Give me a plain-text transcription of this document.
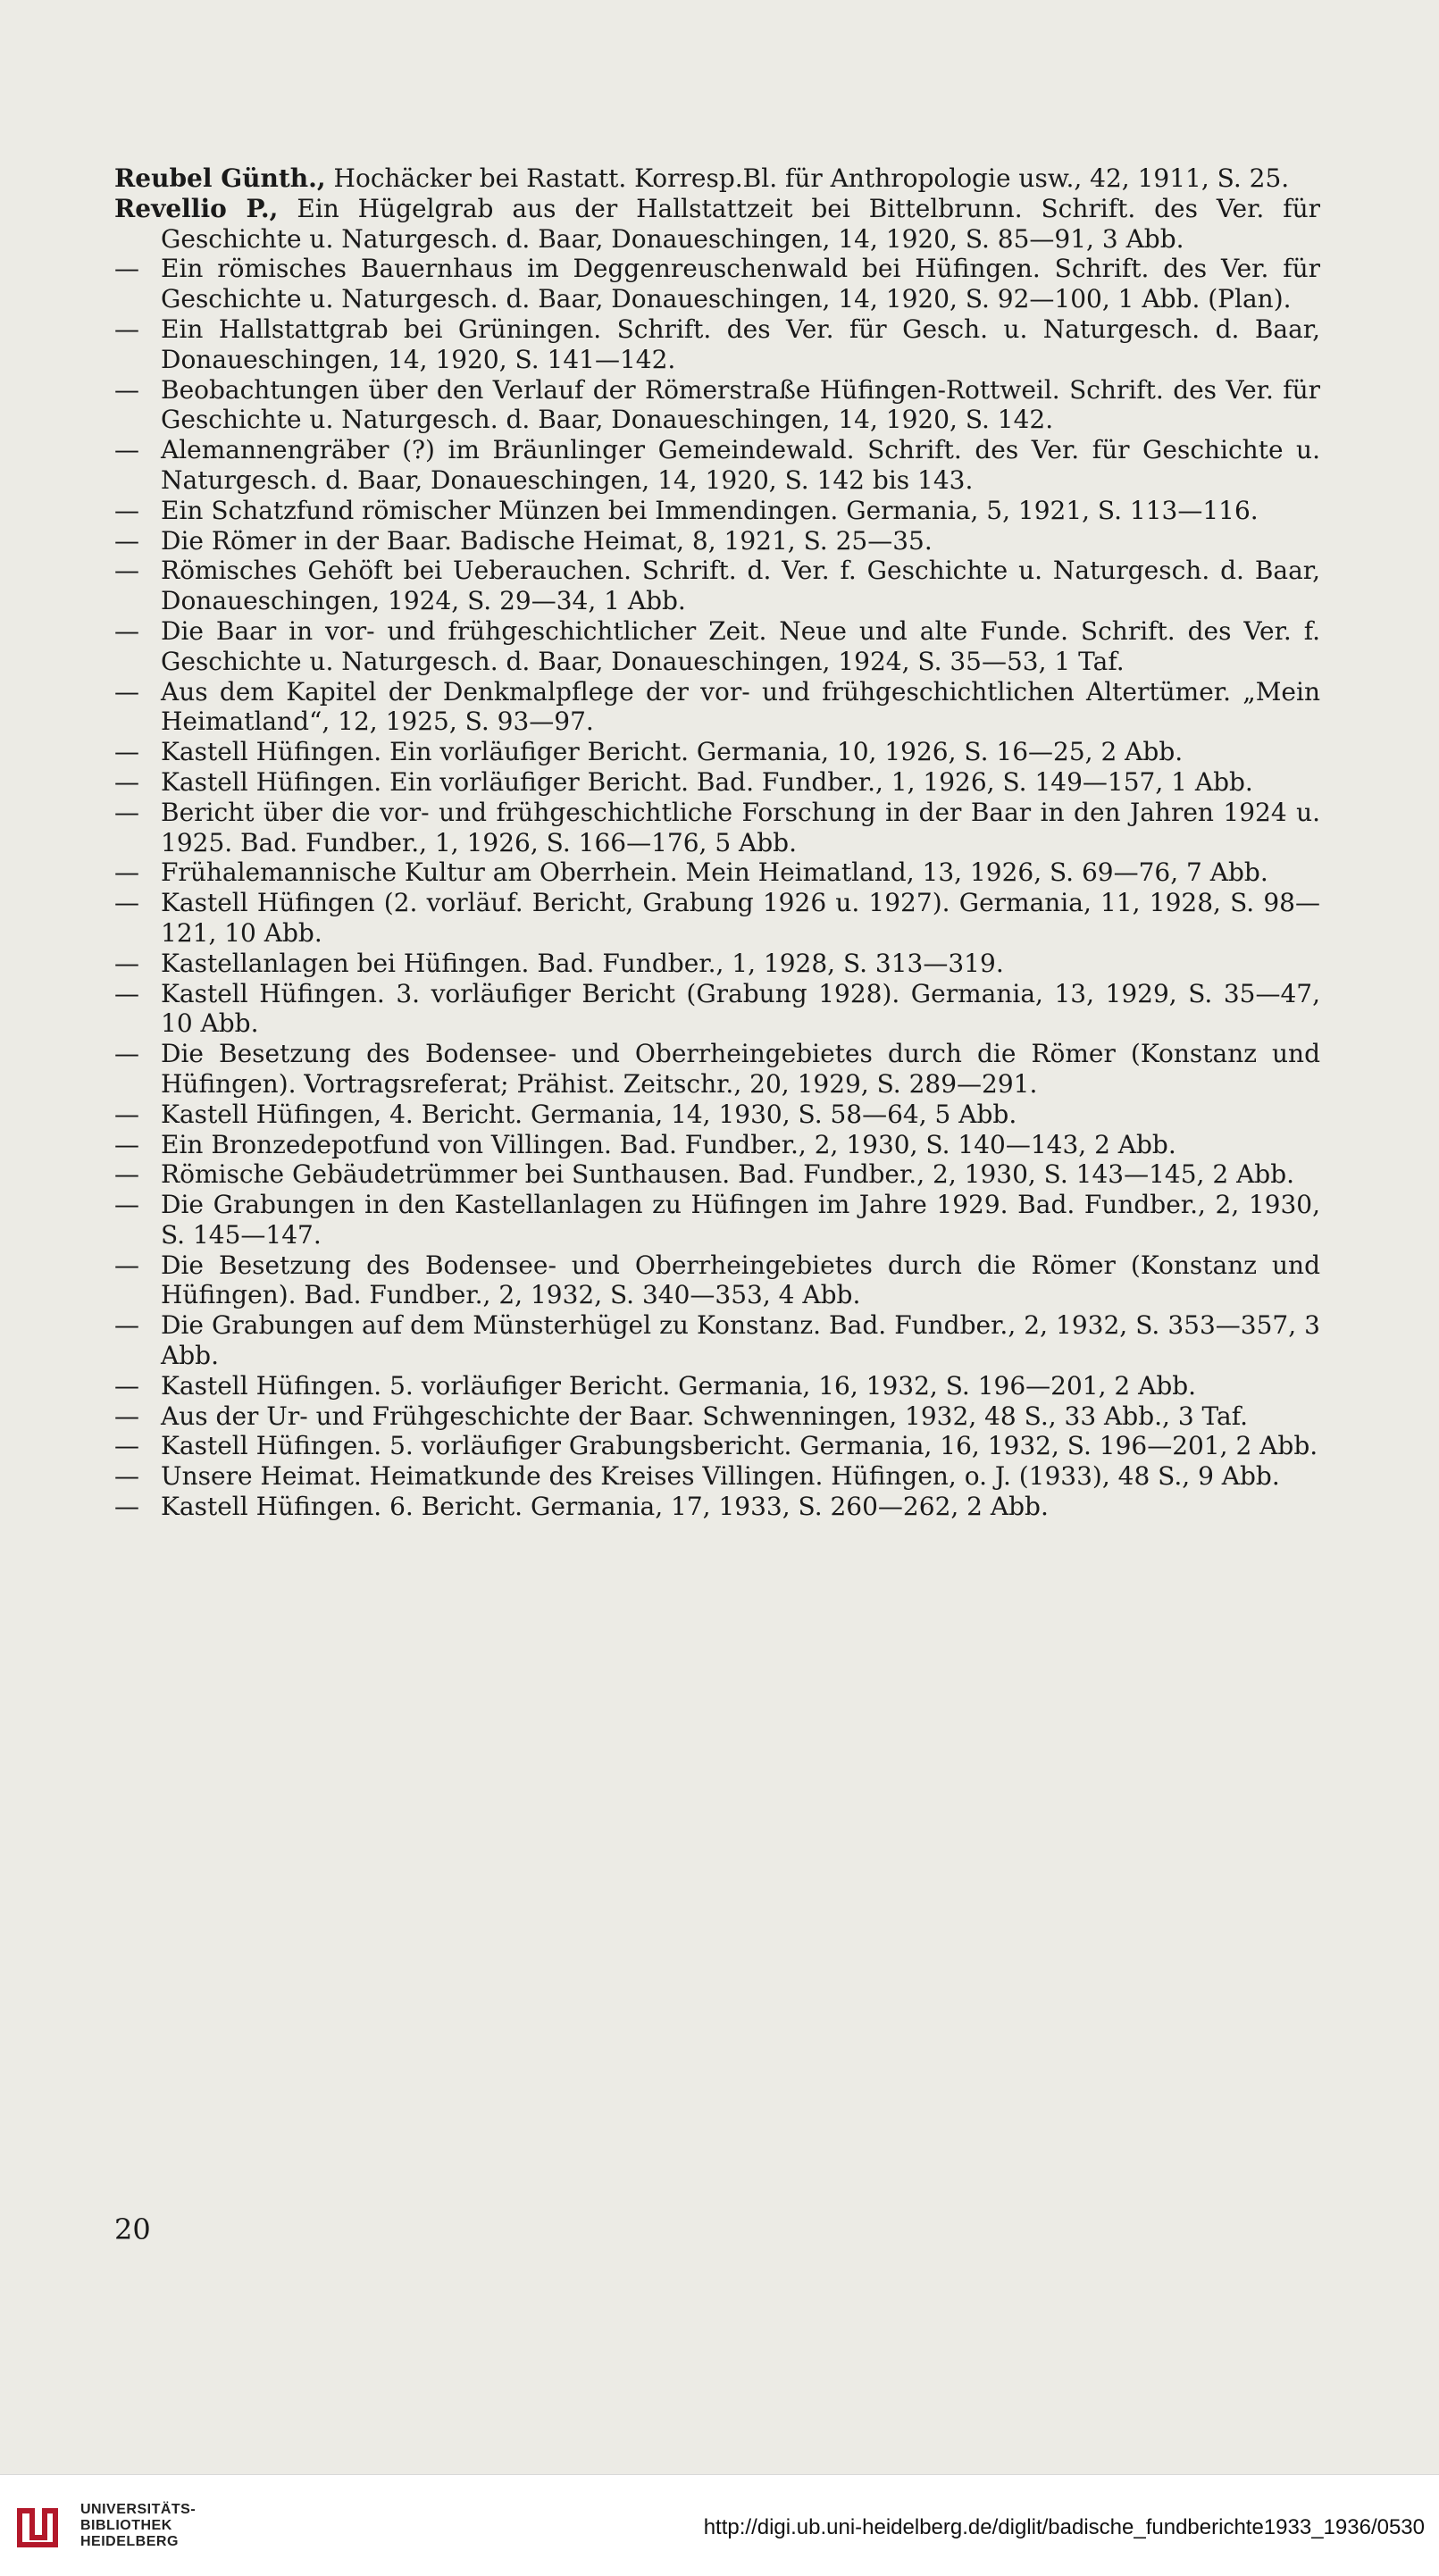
Reubel Günth., Hochäcker bei Rastatt. Korresp.Bl. für Anthropologie usw., 42, 1911, S. 25.

Revellio P., Ein Hügelgrab aus der Hallstattzeit bei Bittelbrunn. Schrift. des Ver. für Geschichte u. Naturgesch. d. Baar, Donaueschingen, 14, 1920, S. 85—91, 3 Abb.

— Ein römisches Bauernhaus im Deggenreuschenwald bei Hüfingen. Schrift. des Ver. für Geschichte u. Naturgesch. d. Baar, Donaueschingen, 14, 1920, S. 92—100, 1 Abb. (Plan).

— Ein Hallstattgrab bei Grüningen. Schrift. des Ver. für Gesch. u. Naturgesch. d. Baar, Donaueschingen, 14, 1920, S. 141—142.

— Beobachtungen über den Verlauf der Römerstraße Hüfingen-Rottweil. Schrift. des Ver. für Geschichte u. Naturgesch. d. Baar, Donaueschingen, 14, 1920, S. 142.

— Alemannengräber (?) im Bräunlinger Gemeindewald. Schrift. des Ver. für Geschichte u. Naturgesch. d. Baar, Donaueschingen, 14, 1920, S. 142 bis 143.

— Ein Schatzfund römischer Münzen bei Immendingen. Germania, 5, 1921, S. 113—116.

— Die Römer in der Baar. Badische Heimat, 8, 1921, S. 25—35.

— Römisches Gehöft bei Ueberauchen. Schrift. d. Ver. f. Geschichte u. Naturgesch. d. Baar, Donaueschingen, 1924, S. 29—34, 1 Abb.

— Die Baar in vor- und frühgeschichtlicher Zeit. Neue und alte Funde. Schrift. des Ver. f. Geschichte u. Naturgesch. d. Baar, Donaueschingen, 1924, S. 35—53, 1 Taf.

— Aus dem Kapitel der Denkmalpflege der vor- und frühgeschichtlichen Altertümer. „Mein Heimatland“, 12, 1925, S. 93—97.

— Kastell Hüfingen. Ein vorläufiger Bericht. Germania, 10, 1926, S. 16—25, 2 Abb.

— Kastell Hüfingen. Ein vorläufiger Bericht. Bad. Fundber., 1, 1926, S. 149—157, 1 Abb.

— Bericht über die vor- und frühgeschichtliche Forschung in der Baar in den Jahren 1924 u. 1925. Bad. Fundber., 1, 1926, S. 166—176, 5 Abb.

— Frühalemannische Kultur am Oberrhein. Mein Heimatland, 13, 1926, S. 69—76, 7 Abb.

— Kastell Hüfingen (2. vorläuf. Bericht, Grabung 1926 u. 1927). Germania, 11, 1928, S. 98—121, 10 Abb.

— Kastellanlagen bei Hüfingen. Bad. Fundber., 1, 1928, S. 313—319.

— Kastell Hüfingen. 3. vorläufiger Bericht (Grabung 1928). Germania, 13, 1929, S. 35—47, 10 Abb.

— Die Besetzung des Bodensee- und Oberrheingebietes durch die Römer (Konstanz und Hüfingen). Vortragsreferat; Prähist. Zeitschr., 20, 1929, S. 289—291.

— Kastell Hüfingen, 4. Bericht. Germania, 14, 1930, S. 58—64, 5 Abb.

— Ein Bronzedepotfund von Villingen. Bad. Fundber., 2, 1930, S. 140—143, 2 Abb.

— Römische Gebäudetrümmer bei Sunthausen. Bad. Fundber., 2, 1930, S. 143—145, 2 Abb.

— Die Grabungen in den Kastellanlagen zu Hüfingen im Jahre 1929. Bad. Fundber., 2, 1930, S. 145—147.

— Die Besetzung des Bodensee- und Oberrheingebietes durch die Römer (Konstanz und Hüfingen). Bad. Fundber., 2, 1932, S. 340—353, 4 Abb.

— Die Grabungen auf dem Münsterhügel zu Konstanz. Bad. Fundber., 2, 1932, S. 353—357, 3 Abb.

— Kastell Hüfingen. 5. vorläufiger Bericht. Germania, 16, 1932, S. 196—201, 2 Abb.

— Aus der Ur- und Frühgeschichte der Baar. Schwenningen, 1932, 48 S., 33 Abb., 3 Taf.

— Kastell Hüfingen. 5. vorläufiger Grabungsbericht. Germania, 16, 1932, S. 196—201, 2 Abb.

— Unsere Heimat. Heimatkunde des Kreises Villingen. Hüfingen, o. J. (1933), 48 S., 9 Abb.

— Kastell Hüfingen. 6. Bericht. Germania, 17, 1933, S. 260—262, 2 Abb.

20
UNIVERSITÄTS-
BIBLIOTHEK
HEIDELBERG
http://digi.ub.uni-heidelberg.de/diglit/badische_fundberichte1933_1936/0530
